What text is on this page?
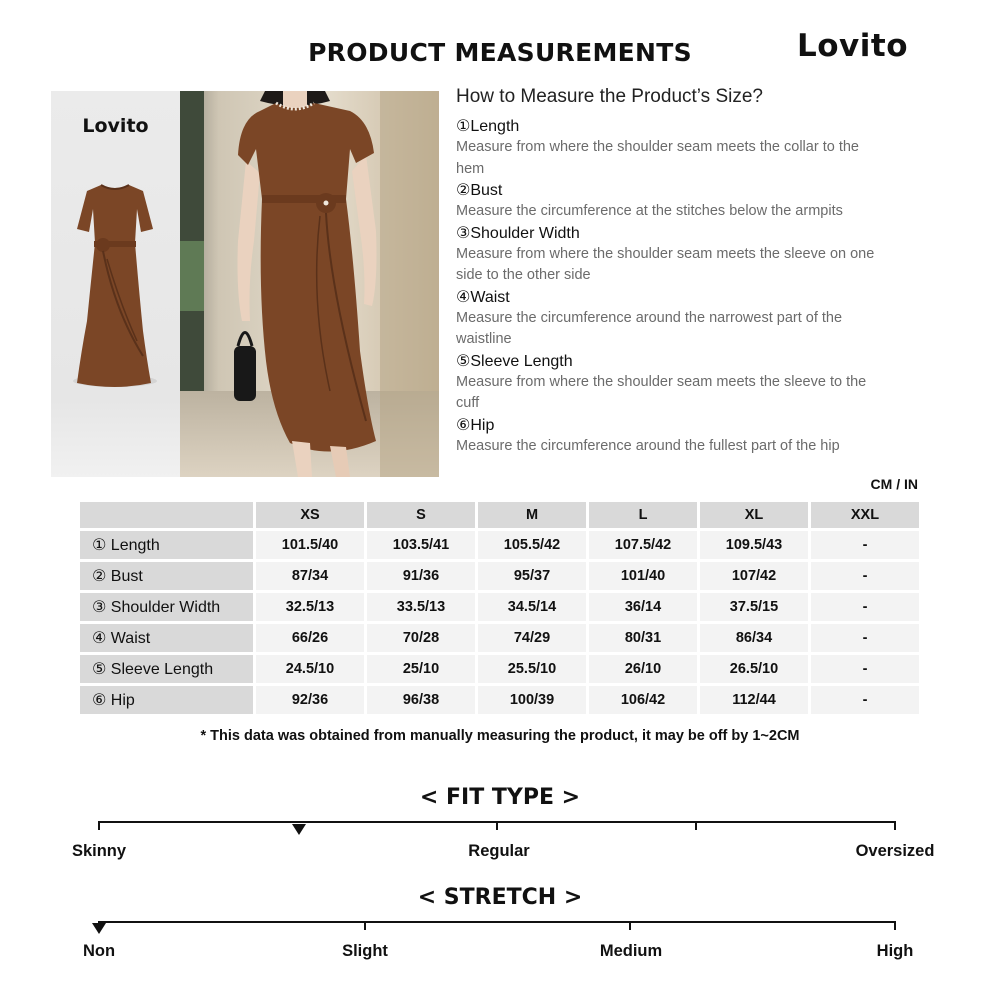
PRODUCT MEASUREMENTS	Lovito
Lovito
How to Measure the Product’s Size?
①Length
Measure from where the shoulder seam meets the collar to the hem
②Bust
Measure the circumference at the stitches below the armpits
③Shoulder Width
Measure from where the shoulder seam meets the sleeve on one side to the other side
④Waist
Measure the circumference around the narrowest part of the waistline
⑤Sleeve Length
Measure from where the shoulder seam meets the sleeve to the cuff
⑥Hip
Measure the circumference around the fullest part of the hip
CM / IN
	XS	S	M	L	XL	XXL
① Length	101.5/40	103.5/41	105.5/42	107.5/42	109.5/43	-
② Bust	87/34	91/36	95/37	101/40	107/42	-
③ Shoulder Width	32.5/13	33.5/13	34.5/14	36/14	37.5/15	-
④ Waist	66/26	70/28	74/29	80/31	86/34	-
⑤ Sleeve Length	24.5/10	25/10	25.5/10	26/10	26.5/10	-
⑥ Hip	92/36	96/38	100/39	106/42	112/44	-
* This data was obtained from manually measuring the product, it may be off by 1~2CM
< FIT TYPE >
Skinny	Regular	Oversized
< STRETCH >
Non	Slight	Medium	High
